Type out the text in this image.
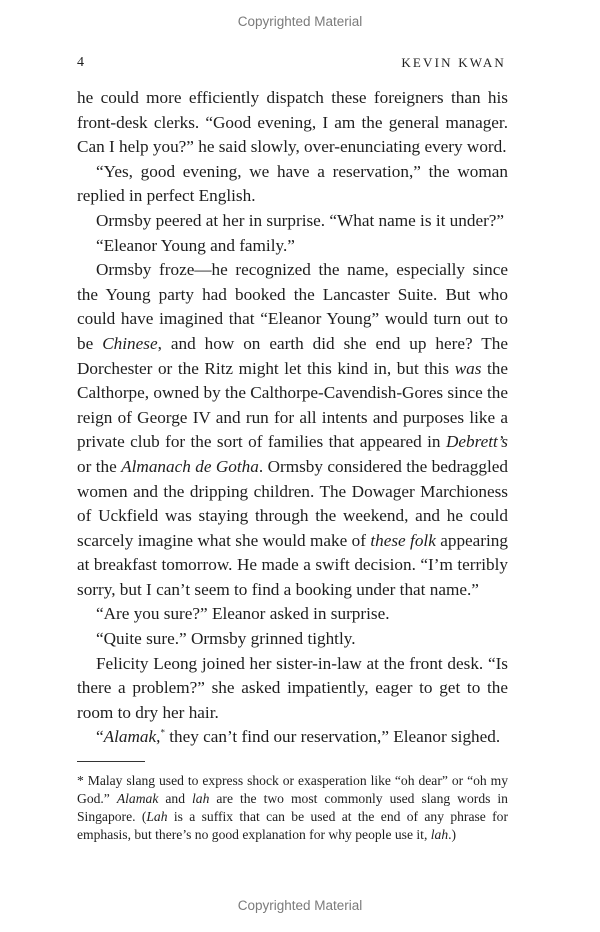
Copyrighted Material
4	KEVIN KWAN

he could more efficiently dispatch these foreigners than his front-desk clerks. “Good evening, I am the general manager. Can I help you?” he said slowly, over-enunciating every word.

“Yes, good evening, we have a reservation,” the woman replied in perfect English.

Ormsby peered at her in surprise. “What name is it under?”

“Eleanor Young and family.”

Ormsby froze—he recognized the name, especially since the Young party had booked the Lancaster Suite. But who could have imagined that “Eleanor Young” would turn out to be Chinese, and how on earth did she end up here? The Dorchester or the Ritz might let this kind in, but this was the Calthorpe, owned by the Calthorpe-Cavendish-Gores since the reign of George IV and run for all intents and purposes like a private club for the sort of families that appeared in Debrett’s or the Almanach de Gotha. Ormsby considered the bedraggled women and the dripping children. The Dowager Marchioness of Uckfield was staying through the weekend, and he could scarcely imagine what she would make of these folk appearing at breakfast tomorrow. He made a swift decision. “I’m terribly sorry, but I can’t seem to find a booking under that name.”

“Are you sure?” Eleanor asked in surprise.

“Quite sure.” Ormsby grinned tightly.

Felicity Leong joined her sister-in-law at the front desk. “Is there a problem?” she asked impatiently, eager to get to the room to dry her hair.

“Alamak,* they can’t find our reservation,” Eleanor sighed.

* Malay slang used to express shock or exasperation like “oh dear” or “oh my God.” Alamak and lah are the two most commonly used slang words in Singapore. (Lah is a suffix that can be used at the end of any phrase for emphasis, but there’s no good explanation for why people use it, lah.)

Copyrighted Material
